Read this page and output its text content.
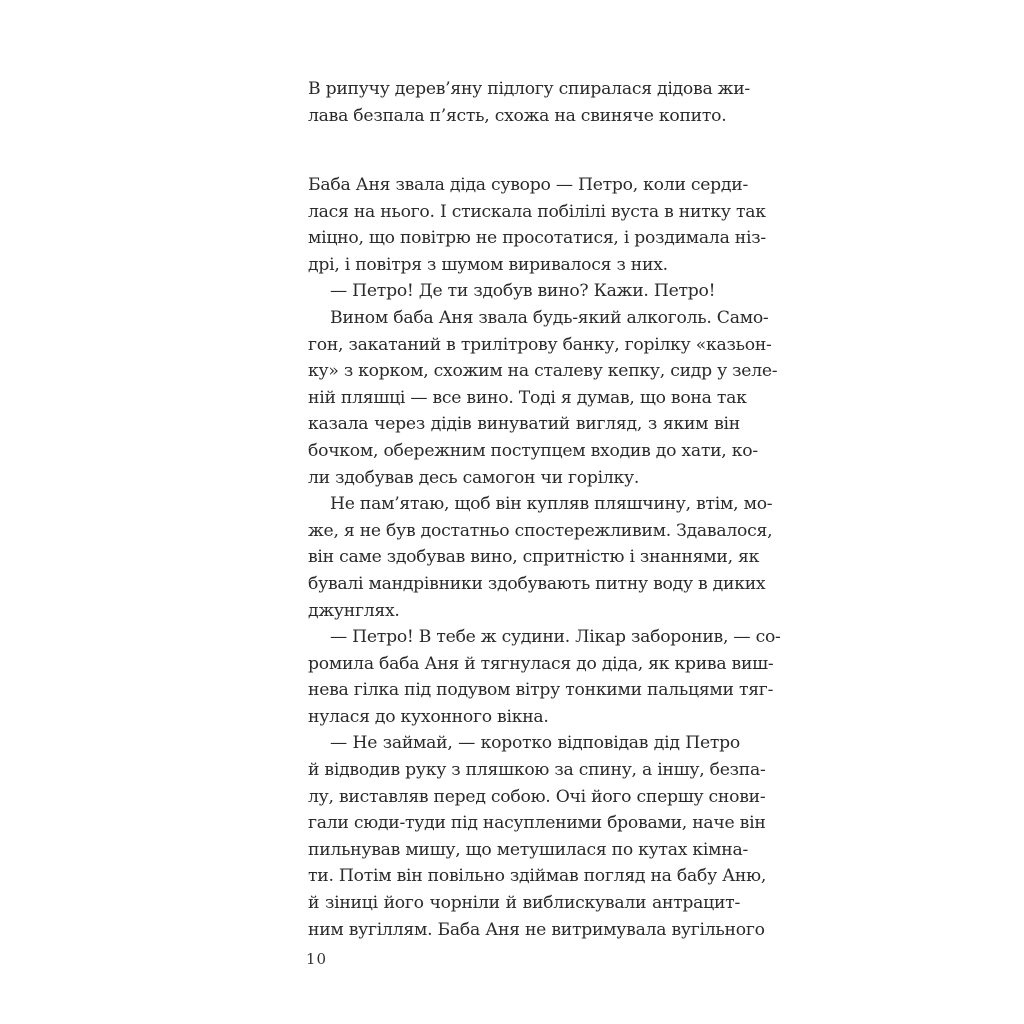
В рипучу дерев’яну підлогу спиралася дідова жи-
лава безпала п’ясть, схожа на свиняче копито.
Баба Аня звала діда суворо — Петро, коли серди-
лася на нього. І стискала побілілі вуста в нитку так
міцно, що повітрю не просотатися, і роздимала ніз-
дрі, і повітря з шумом виривалося з них.
— Петро! Де ти здобув вино? Кажи. Петро!
Вином баба Аня звала будь-який алкоголь. Само-
гон, закатаний в трилітрову банку, горілку «казьон-
ку» з корком, схожим на сталеву кепку, сидр у зеле-
ній пляшці — все вино. Тоді я думав, що вона так
казала через дідів винуватий вигляд, з яким він
бочком, обережним поступцем входив до хати, ко-
ли здобував десь самогон чи горілку.
Не пам’ятаю, щоб він купляв пляшчину, втім, мо-
же, я не був достатньо спостережливим. Здавалося,
він саме здобував вино, спритністю і знаннями, як
бувалі мандрівники здобувають питну воду в диких
джунглях.
— Петро! В тебе ж судини. Лікар заборонив, — со-
ромила баба Аня й тягнулася до діда, як крива виш-
нева гілка під подувом вітру тонкими пальцями тяг-
нулася до кухонного вікна.
— Не займай, — коротко відповідав дід Петро
й відводив руку з пляшкою за спину, а іншу, безпа-
лу, виставляв перед собою. Очі його спершу снови-
гали сюди-туди під насупленими бровами, наче він
пильнував мишу, що метушилася по кутах кімна-
ти. Потім він повільно здіймав погляд на бабу Аню,
й зіниці його чорніли й виблискували антрацит-
ним вугіллям. Баба Аня не витримувала вугільного
10
